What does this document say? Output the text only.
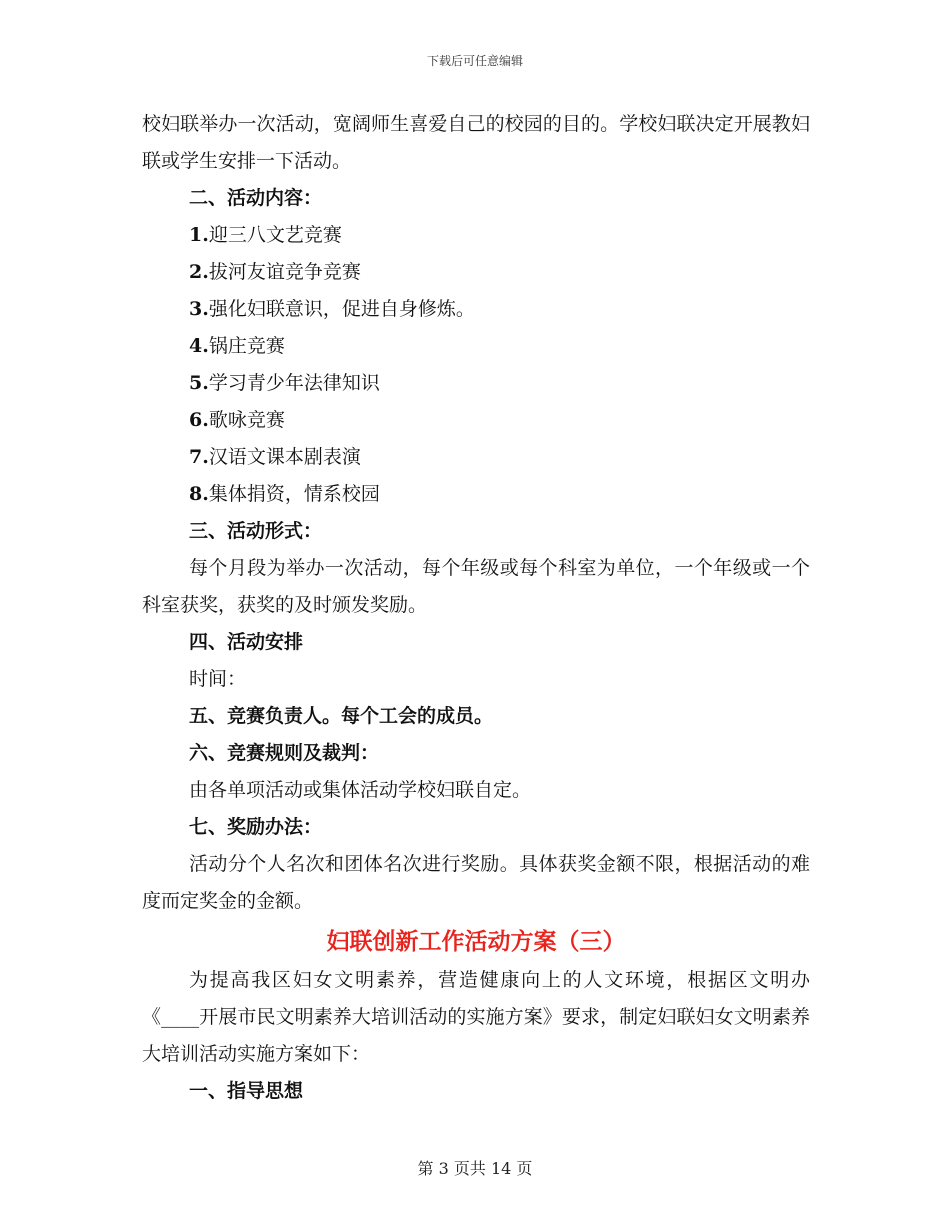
下载后可任意编辑

校妇联举办一次活动，宽阔师生喜爱自己的校园的目的。学校妇联决定开展教妇联或学生安排一下活动。

二、活动内容：

1.迎三八文艺竞赛

2.拔河友谊竞争竞赛

3.强化妇联意识，促进自身修炼。

4.锅庄竞赛

5.学习青少年法律知识

6.歌咏竞赛

7.汉语文课本剧表演

8.集体捐资，情系校园

三、活动形式：

每个月段为举办一次活动，每个年级或每个科室为单位，一个年级或一个科室获奖，获奖的及时颁发奖励。

四、活动安排

时间：

五、竞赛负责人。每个工会的成员。

六、竞赛规则及裁判：

由各单项活动或集体活动学校妇联自定。

七、奖励办法：

活动分个人名次和团体名次进行奖励。具体获奖金额不限，根据活动的难度而定奖金的金额。

妇联创新工作活动方案（三）

为提高我区妇女文明素养，营造健康向上的人文环境，根据区文明办《____开展市民文明素养大培训活动的实施方案》要求，制定妇联妇女文明素养大培训活动实施方案如下：

一、指导思想

第 3 页共 14 页
